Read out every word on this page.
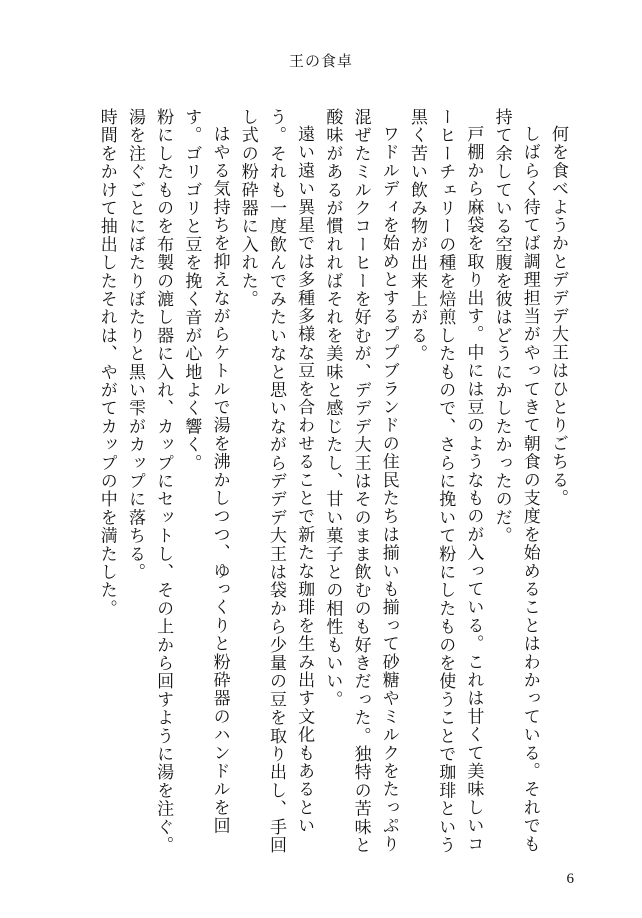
王の食卓

何を食べようかとデデデ大王はひとりごちる。

しばらく待てば調理担当がやってきて朝食の支度を始めることはわかっている。それでも持て余している空腹を彼はどうにかしたかったのだ。

戸棚から麻袋を取り出す。中には豆のようなものが入っている。これは甘くて美味しいコーヒーチェリーの種を焙煎したもので、さらに挽いて粉にしたものを使うことで珈琲という黒く苦い飲み物が出来上がる。

ワドルディを始めとするププブランドの住民たちは揃いも揃って砂糖やミルクをたっぷり混ぜたミルクコーヒーを好むが、デデデ大王はそのまま飲むのも好きだった。独特の苦味と酸味があるが慣れればそれを美味と感じたし、甘い菓子との相性もいい。

遠い遠い異星では多種多様な豆を合わせることで新たな珈琲を生み出す文化もあるという。それも一度飲んでみたいなと思いながらデデデ大王は袋から少量の豆を取り出し、手回し式の粉砕器に入れた。

はやる気持ちを抑えながらケトルで湯を沸かしつつ、ゆっくりと粉砕器のハンドルを回す。ゴリゴリと豆を挽く音が心地よく響く。

粉にしたものを布製の漉し器に入れ、カップにセットし、その上から回すように湯を注ぐ。湯を注ぐごとにぼたりぼたりと黒い雫がカップに落ちる。

時間をかけて抽出したそれは、やがてカップの中を満たした。

6
